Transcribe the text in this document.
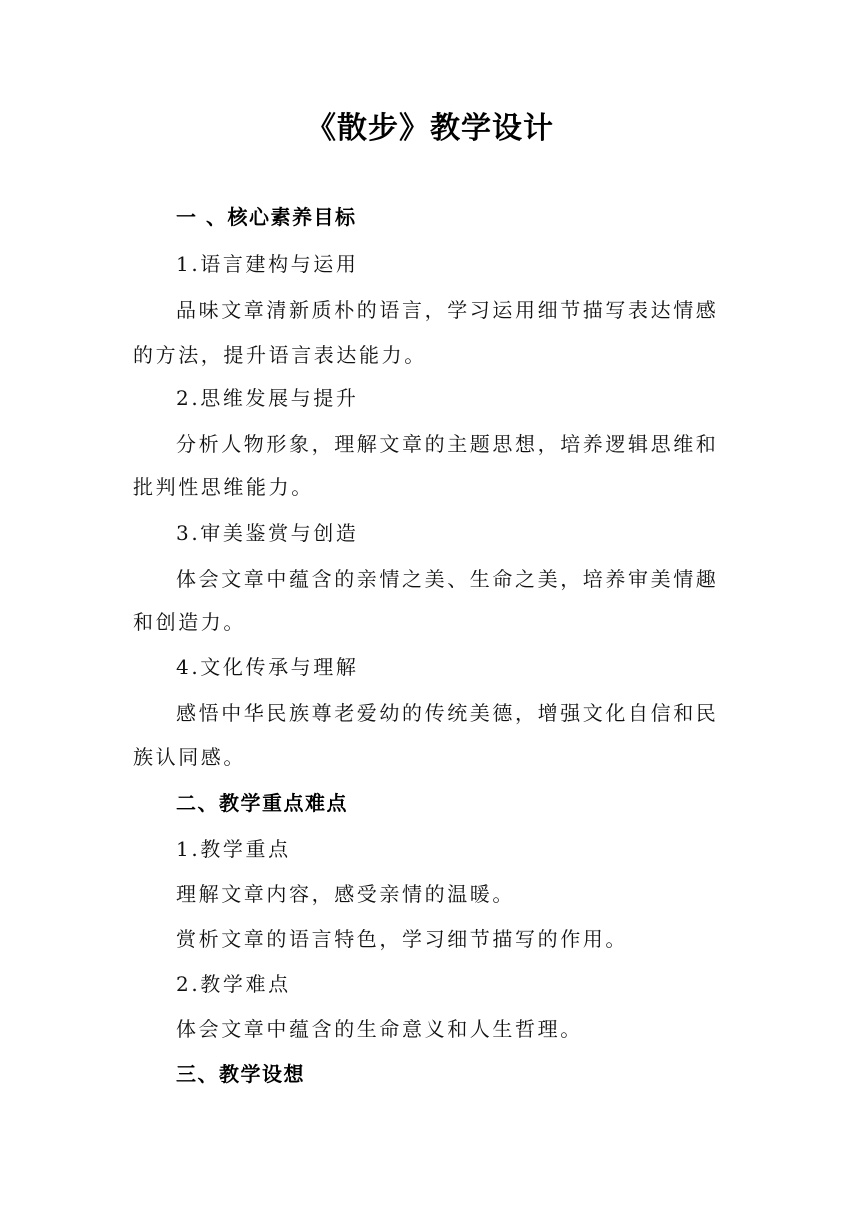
《散步》教学设计
一 、核心素养目标
1.语言建构与运用
品味文章清新质朴的语言，学习运用细节描写表达情感
的方法，提升语言表达能力。
2.思维发展与提升
分析人物形象，理解文章的主题思想，培养逻辑思维和
批判性思维能力。
3.审美鉴赏与创造
体会文章中蕴含的亲情之美、生命之美，培养审美情趣
和创造力。
4.文化传承与理解
感悟中华民族尊老爱幼的传统美德，增强文化自信和民
族认同感。
二、教学重点难点
1.教学重点
理解文章内容，感受亲情的温暖。
赏析文章的语言特色，学习细节描写的作用。
2.教学难点
体会文章中蕴含的生命意义和人生哲理。
三、教学设想
